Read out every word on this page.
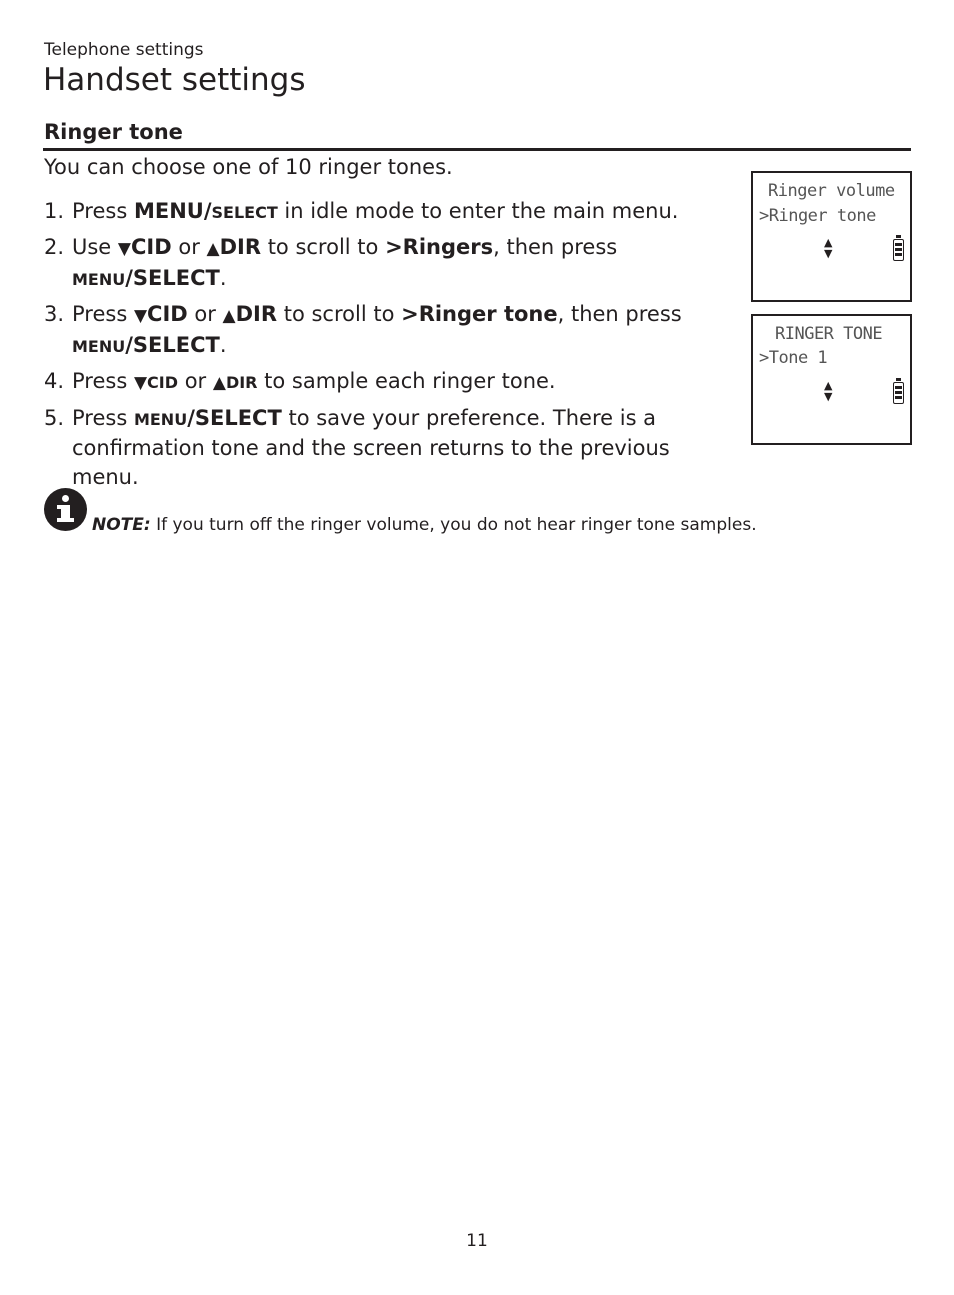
Telephone settings
Handset settings
Ringer tone
You can choose one of 10 ringer tones.
1. Press MENU/SELECT in idle mode to enter the main menu.
2. Use ▼CID or ▲DIR to scroll to >Ringers, then press MENU/SELECT.
3. Press ▼CID or ▲DIR to scroll to >Ringer tone, then press MENU/SELECT.
4. Press ▼CID or ▲DIR to sample each ringer tone.
5. Press MENU/SELECT to save your preference. There is a confirmation tone and the screen returns to the previous menu.
Ringer volume
>Ringer tone
▲
▼
RINGER TONE
>Tone 1
▲
▼
NOTE: If you turn off the ringer volume, you do not hear ringer tone samples.
11
